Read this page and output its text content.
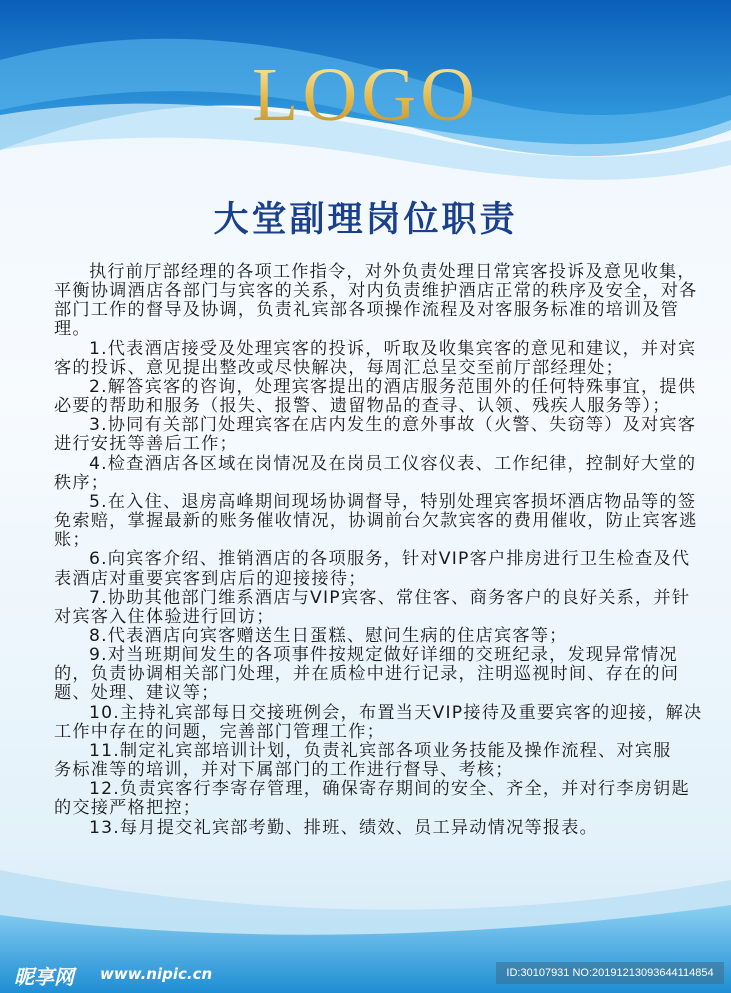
LOGO
大堂副理岗位职责
执行前厅部经理的各项工作指令，对外负责处理日常宾客投诉及意见收集，
平衡协调酒店各部门与宾客的关系，对内负责维护酒店正常的秩序及安全，对各
部门工作的督导及协调，负责礼宾部各项操作流程及对客服务标准的培训及管
理。
1.代表酒店接受及处理宾客的投诉，听取及收集宾客的意见和建议，并对宾
客的投诉、意见提出整改或尽快解决，每周汇总呈交至前厅部经理处；
2.解答宾客的咨询，处理宾客提出的酒店服务范围外的任何特殊事宜，提供
必要的帮助和服务（报失、报警、遗留物品的查寻、认领、残疾人服务等）；
3.协同有关部门处理宾客在店内发生的意外事故（火警、失窃等）及对宾客
进行安抚等善后工作；
4.检查酒店各区域在岗情况及在岗员工仪容仪表、工作纪律，控制好大堂的
秩序；
5.在入住、退房高峰期间现场协调督导，特别处理宾客损坏酒店物品等的签
免索赔，掌握最新的账务催收情况，协调前台欠款宾客的费用催收，防止宾客逃
账；
6.向宾客介绍、推销酒店的各项服务，针对VIP客户排房进行卫生检查及代
表酒店对重要宾客到店后的迎接接待；
7.协助其他部门维系酒店与VIP宾客、常住客、商务客户的良好关系，并针
对宾客入住体验进行回访；
8.代表酒店向宾客赠送生日蛋糕、慰问生病的住店宾客等；
9.对当班期间发生的各项事件按规定做好详细的交班纪录，发现异常情况
的，负责协调相关部门处理，并在质检中进行记录，注明巡视时间、存在的问
题、处理、建议等；
10.主持礼宾部每日交接班例会，布置当天VIP接待及重要宾客的迎接，解决
工作中存在的问题，完善部门管理工作；
11.制定礼宾部培训计划，负责礼宾部各项业务技能及操作流程、对宾服
务标准等的培训，并对下属部门的工作进行督导、考核；
12.负责宾客行李寄存管理，确保寄存期间的安全、齐全，并对行李房钥匙
的交接严格把控；
13.每月提交礼宾部考勤、排班、绩效、员工异动情况等报表。
昵享网 www.nipic.cn	ID:30107931 NO:20191213093644114854
